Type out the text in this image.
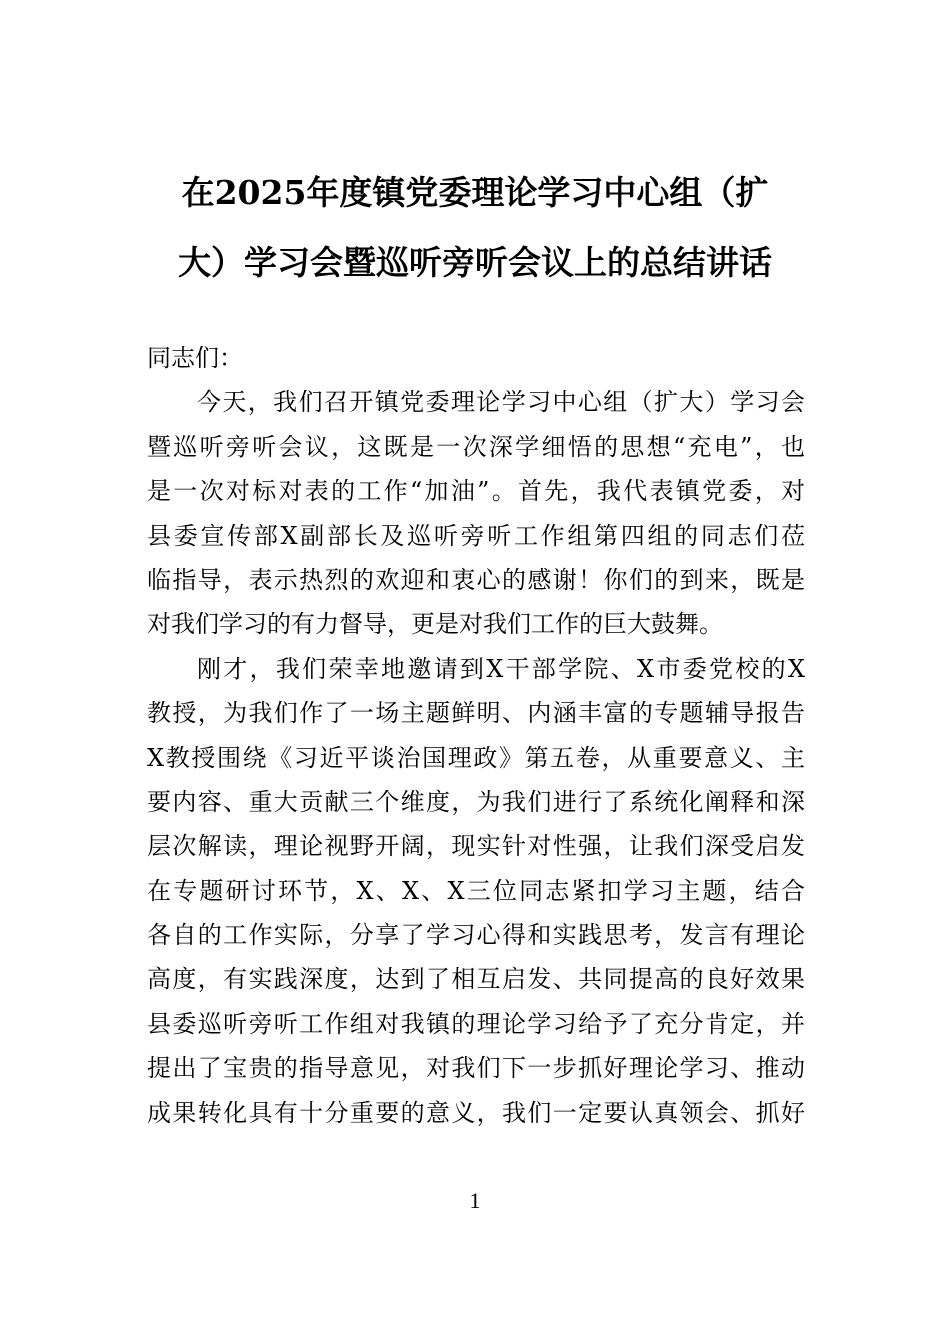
在2025年度镇党委理论学习中心组（扩
大）学习会暨巡听旁听会议上的总结讲话
同志们：
今天，我们召开镇党委理论学习中心组（扩大）学习会
暨巡听旁听会议，这既是一次深学细悟的思想“充电”，也
是一次对标对表的工作“加油”。首先，我代表镇党委，对
县委宣传部X副部长及巡听旁听工作组第四组的同志们莅
临指导，表示热烈的欢迎和衷心的感谢！你们的到来，既是
对我们学习的有力督导，更是对我们工作的巨大鼓舞。
刚才，我们荣幸地邀请到X干部学院、X市委党校的X
教授，为我们作了一场主题鲜明、内涵丰富的专题辅导报告
X教授围绕《习近平谈治国理政》第五卷，从重要意义、主
要内容、重大贡献三个维度，为我们进行了系统化阐释和深
层次解读，理论视野开阔，现实针对性强，让我们深受启发
在专题研讨环节，X、X、X三位同志紧扣学习主题，结合
各自的工作实际，分享了学习心得和实践思考，发言有理论
高度，有实践深度，达到了相互启发、共同提高的良好效果
县委巡听旁听工作组对我镇的理论学习给予了充分肯定，并
提出了宝贵的指导意见，对我们下一步抓好理论学习、推动
成果转化具有十分重要的意义，我们一定要认真领会、抓好
1
